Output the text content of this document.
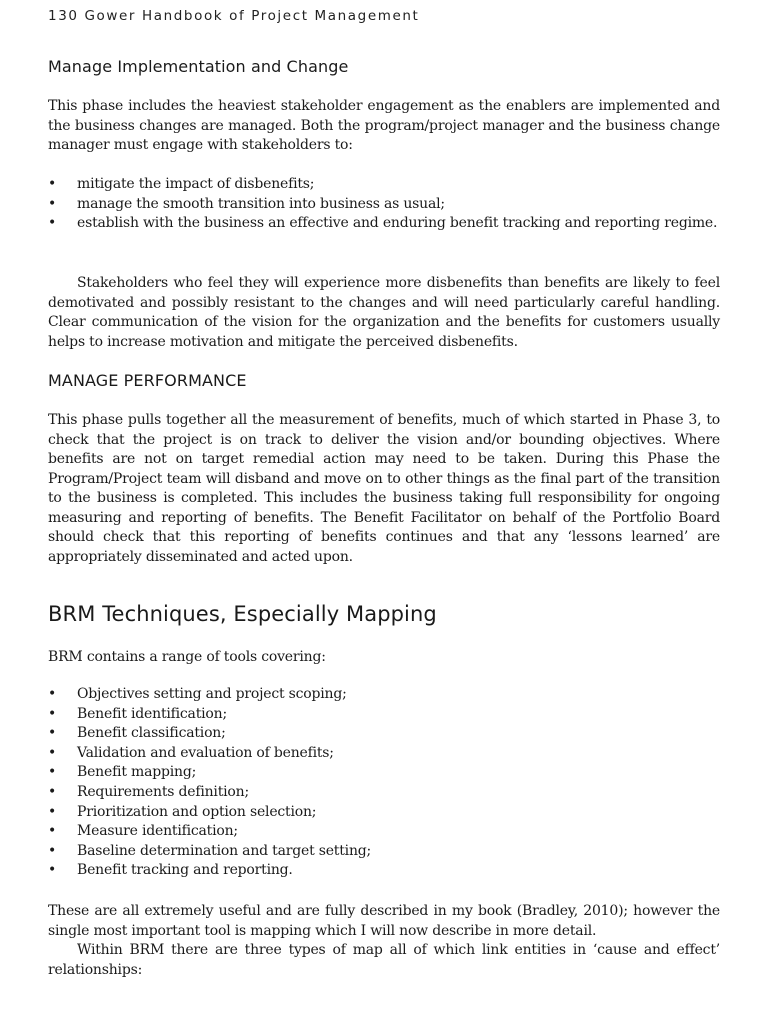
130 Gower Handbook of Project Management
Manage Implementation and Change

This phase includes the heaviest stakeholder engagement as the enablers are implemented and the business changes are managed. Both the program/project manager and the business change manager must engage with stakeholders to:

• mitigate the impact of disbenefits;
• manage the smooth transition into business as usual;
• establish with the business an effective and enduring benefit tracking and reporting regime.

Stakeholders who feel they will experience more disbenefits than benefits are likely to feel demotivated and possibly resistant to the changes and will need particularly careful handling. Clear communication of the vision for the organization and the benefits for customers usually helps to increase motivation and mitigate the perceived disbenefits.

MANAGE PERFORMANCE

This phase pulls together all the measurement of benefits, much of which started in Phase 3, to check that the project is on track to deliver the vision and/or bounding objectives. Where benefits are not on target remedial action may need to be taken. During this Phase the Program/Project team will disband and move on to other things as the final part of the transition to the business is completed. This includes the business taking full responsibility for ongoing measuring and reporting of benefits. The Benefit Facilitator on behalf of the Portfolio Board should check that this reporting of benefits continues and that any ‘lessons learned’ are appropriately disseminated and acted upon.

BRM Techniques, Especially Mapping

BRM contains a range of tools covering:

• Objectives setting and project scoping;
• Benefit identification;
• Benefit classification;
• Validation and evaluation of benefits;
• Benefit mapping;
• Requirements definition;
• Prioritization and option selection;
• Measure identification;
• Baseline determination and target setting;
• Benefit tracking and reporting.

These are all extremely useful and are fully described in my book (Bradley, 2010); however the single most important tool is mapping which I will now describe in more detail.

Within BRM there are three types of map all of which link entities in ‘cause and effect’ relationships:
